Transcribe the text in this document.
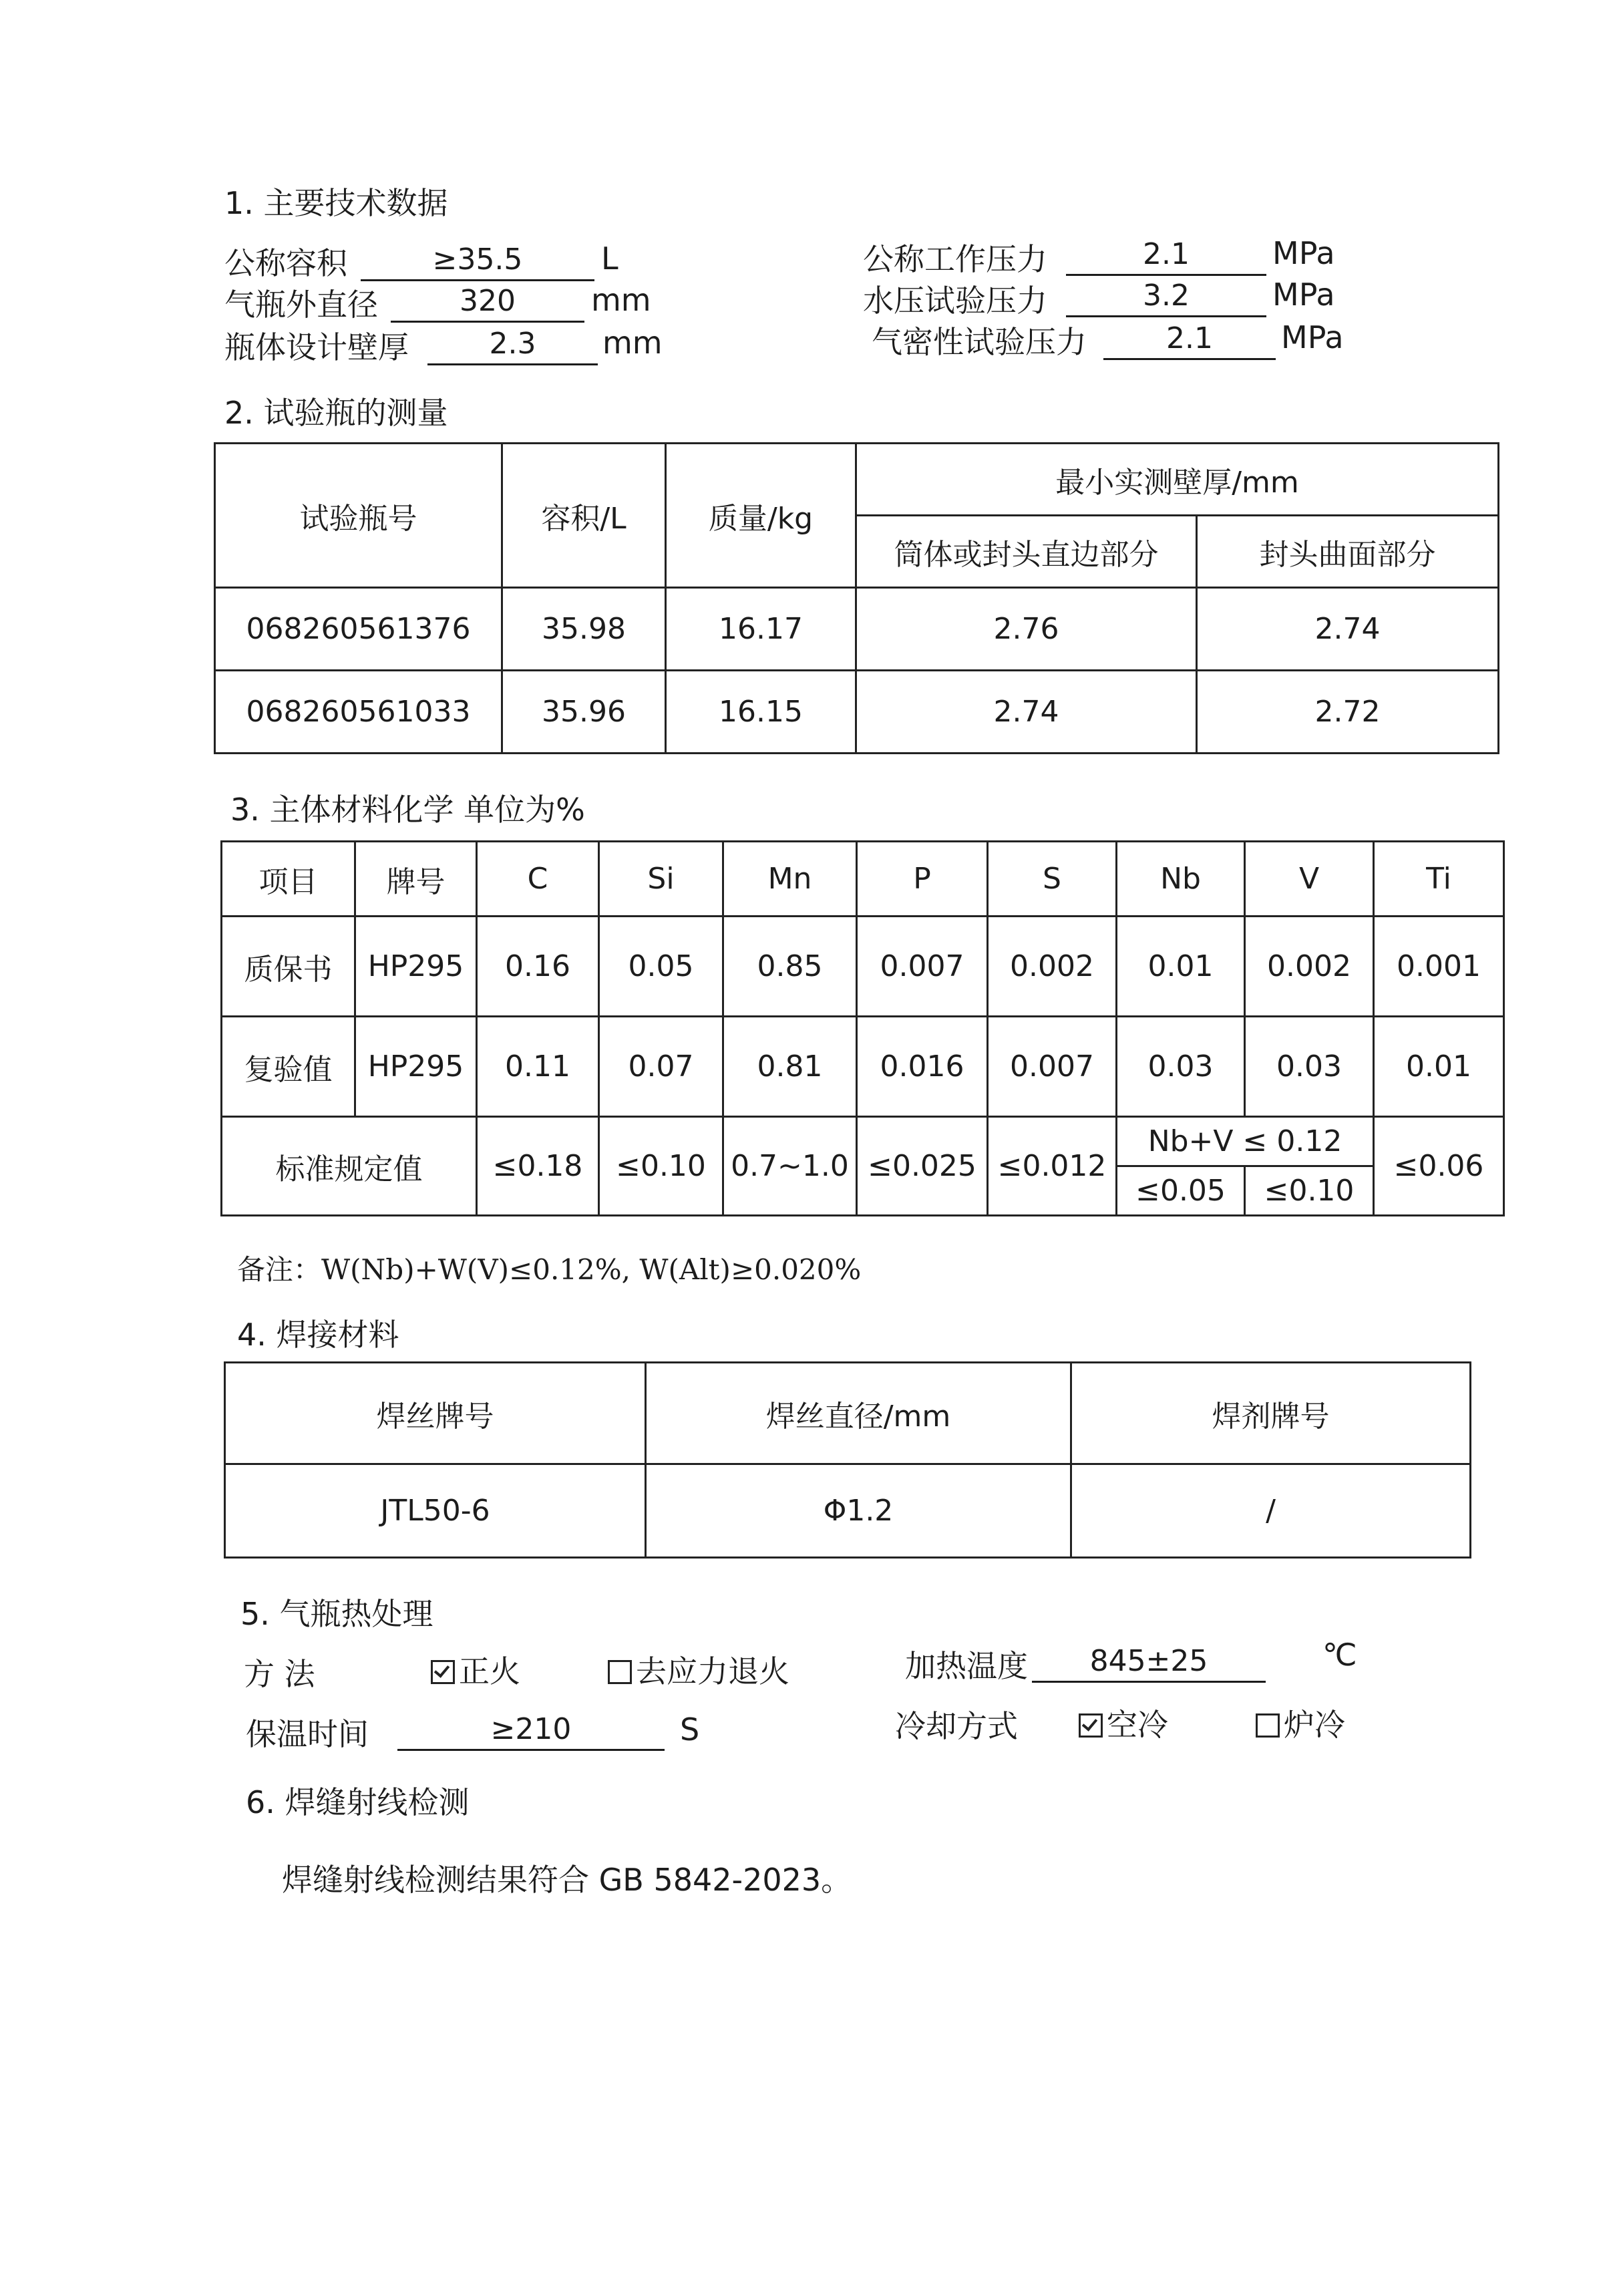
1. 主要技术数据
公称容积	≥35.5	L
气瓶外直径	320	mm
瓶体设计壁厚	2.3	mm
公称工作压力	2.1	MPa
水压试验压力	3.2	MPa
气密性试验压力	2.1	MPa
2. 试验瓶的测量
试验瓶号	容积/L	质量/kg	最小实测壁厚/mm	
			筒体或封头直边部分	封头曲面部分
068260561376	35.98	16.17	2.76	2.74
068260561033	35.96	16.15	2.74	2.72
3. 主体材料化学 单位为%
项目	牌号	C	Si	Mn	P	S	Nb	V	Ti
质保书	HP295	0.16	0.05	0.85	0.007	0.002	0.01	0.002	0.001
复验值	HP295	0.11	0.07	0.81	0.016	0.007	0.03	0.03	0.01
标准规定值		≤0.18	≤0.10	0.7~1.0	≤0.025	≤0.012	Nb+V ≤ 0.12		≤0.06
							≤0.05	≤0.10	
备注：W(Nb)+W(V)≤0.12%, W(Alt)≥0.020%
4. 焊接材料
焊丝牌号	焊丝直径/mm	焊剂牌号
JTL50-6	Φ1.2	/
5. 气瓶热处理
方 法	正火	去应力退火	加热温度	845±25	℃
保温时间	≥210	S	冷却方式	空冷	炉冷
6. 焊缝射线检测
焊缝射线检测结果符合 GB 5842-2023。
